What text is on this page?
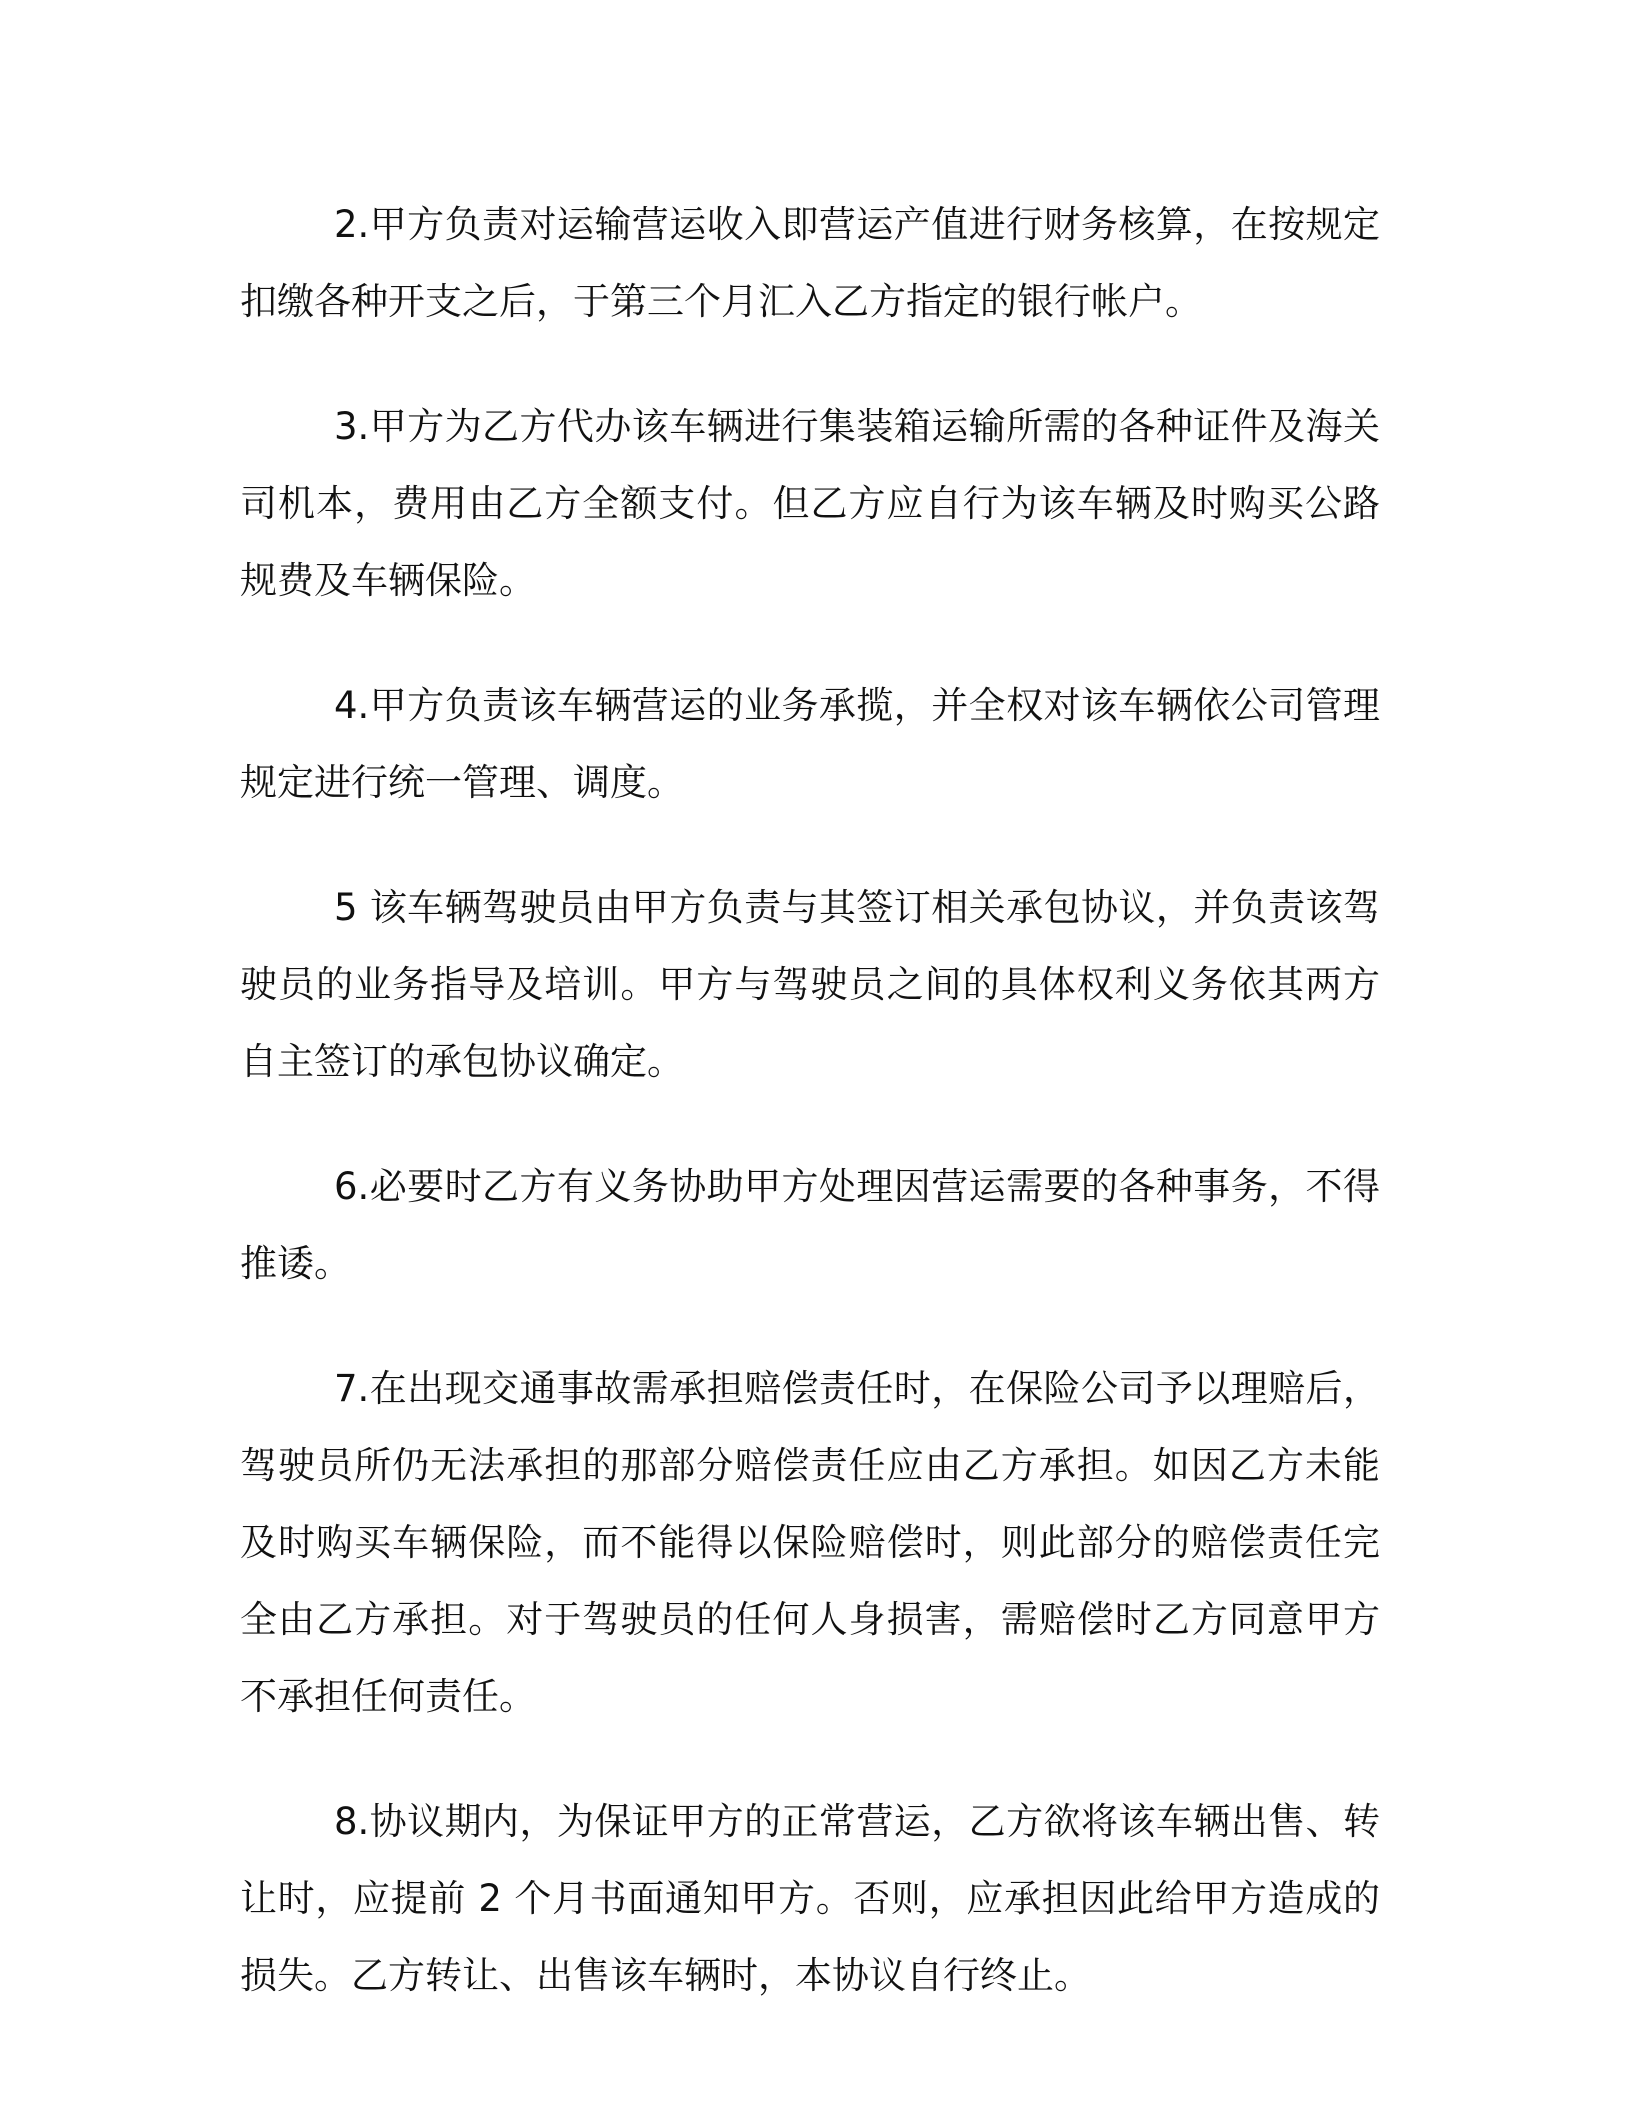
2.甲方负责对运输营运收入即营运产值进行财务核算，在按规定扣缴各种开支之后，于第三个月汇入乙方指定的银行帐户。

3.甲方为乙方代办该车辆进行集装箱运输所需的各种证件及海关司机本，费用由乙方全额支付。但乙方应自行为该车辆及时购买公路规费及车辆保险。

4.甲方负责该车辆营运的业务承揽，并全权对该车辆依公司管理规定进行统一管理、调度。

5 该车辆驾驶员由甲方负责与其签订相关承包协议，并负责该驾驶员的业务指导及培训。甲方与驾驶员之间的具体权利义务依其两方自主签订的承包协议确定。

6.必要时乙方有义务协助甲方处理因营运需要的各种事务，不得推诿。

7.在出现交通事故需承担赔偿责任时，在保险公司予以理赔后，驾驶员所仍无法承担的那部分赔偿责任应由乙方承担。如因乙方未能及时购买车辆保险，而不能得以保险赔偿时，则此部分的赔偿责任完全由乙方承担。对于驾驶员的任何人身损害，需赔偿时乙方同意甲方不承担任何责任。

8.协议期内，为保证甲方的正常营运，乙方欲将该车辆出售、转让时，应提前 2 个月书面通知甲方。否则，应承担因此给甲方造成的损失。乙方转让、出售该车辆时，本协议自行终止。
